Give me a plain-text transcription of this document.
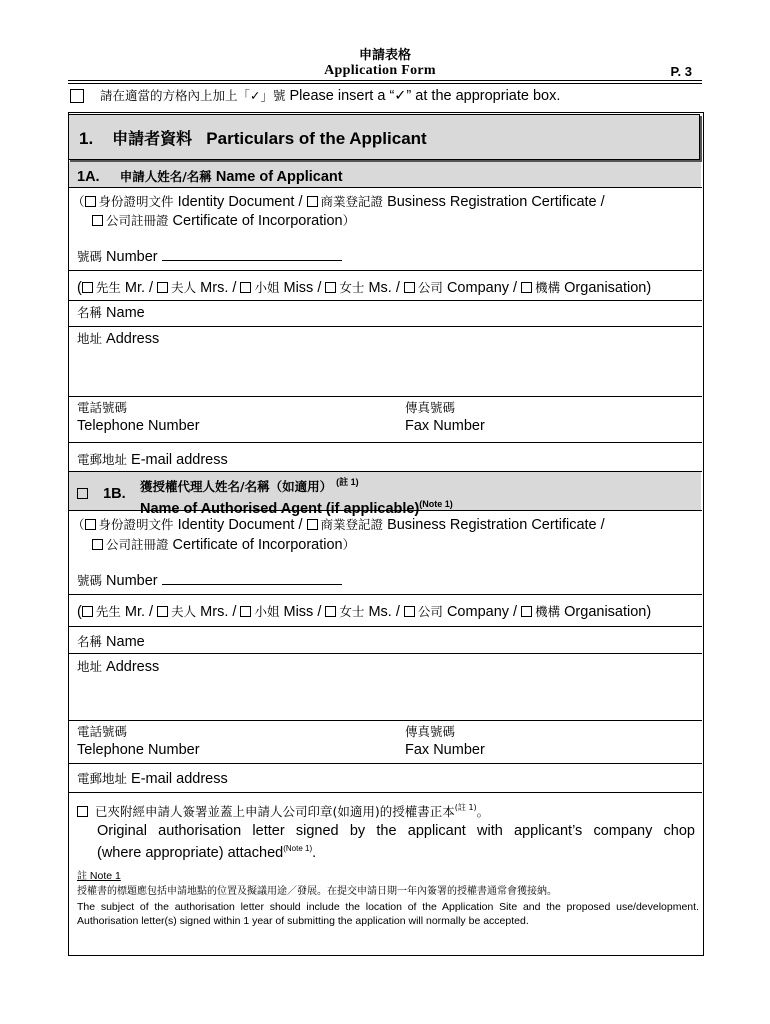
申請表格
Application Form	P. 3
請在適當的方格內上加上「✓」號 Please insert a “✓” at the appropriate box.
1. 申請者資料 Particulars of the Applicant
1A. 申請人姓名/名稱 Name of Applicant
（ 身份證明文件 Identity Document / 商業登記證 Business Registration Certificate /
公司註冊證 Certificate of Incorporation）
號碼 Number
( 先生 Mr. / 夫人 Mrs. / 小姐 Miss / 女士 Ms. / 公司 Company / 機構 Organisation)
名稱 Name
地址 Address
電話號碼
Telephone Number
傳真號碼
Fax Number
電郵地址 E-mail address
1B. 獲授權代理人姓名/名稱（如適用） $^{(註 1)}$
Name of Authorised Agent (if applicable)$^{(Note 1)}$
（ 身份證明文件 Identity Document / 商業登記證 Business Registration Certificate /
公司註冊證 Certificate of Incorporation）
號碼 Number
( 先生 Mr. / 夫人 Mrs. / 小姐 Miss / 女士 Ms. / 公司 Company / 機構 Organisation)
名稱 Name
地址 Address
電話號碼
Telephone Number
傳真號碼
Fax Number
電郵地址 E-mail address
已夾附經申請人簽署並蓋上申請人公司印章(如適用)的授權書正本$^{(註 1)}$。
Original authorisation letter signed by the applicant with applicant’s company chop
(where appropriate) attached$^{(Note 1)}$.
註 Note 1
授權書的標題應包括申請地點的位置及擬議用途／發展。在提交申請日期一年內簽署的授權書通常會獲接納。
The subject of the authorisation letter should include the location of the Application Site and the proposed use/development. Authorisation letter(s) signed within 1 year of submitting the application will normally be accepted.
